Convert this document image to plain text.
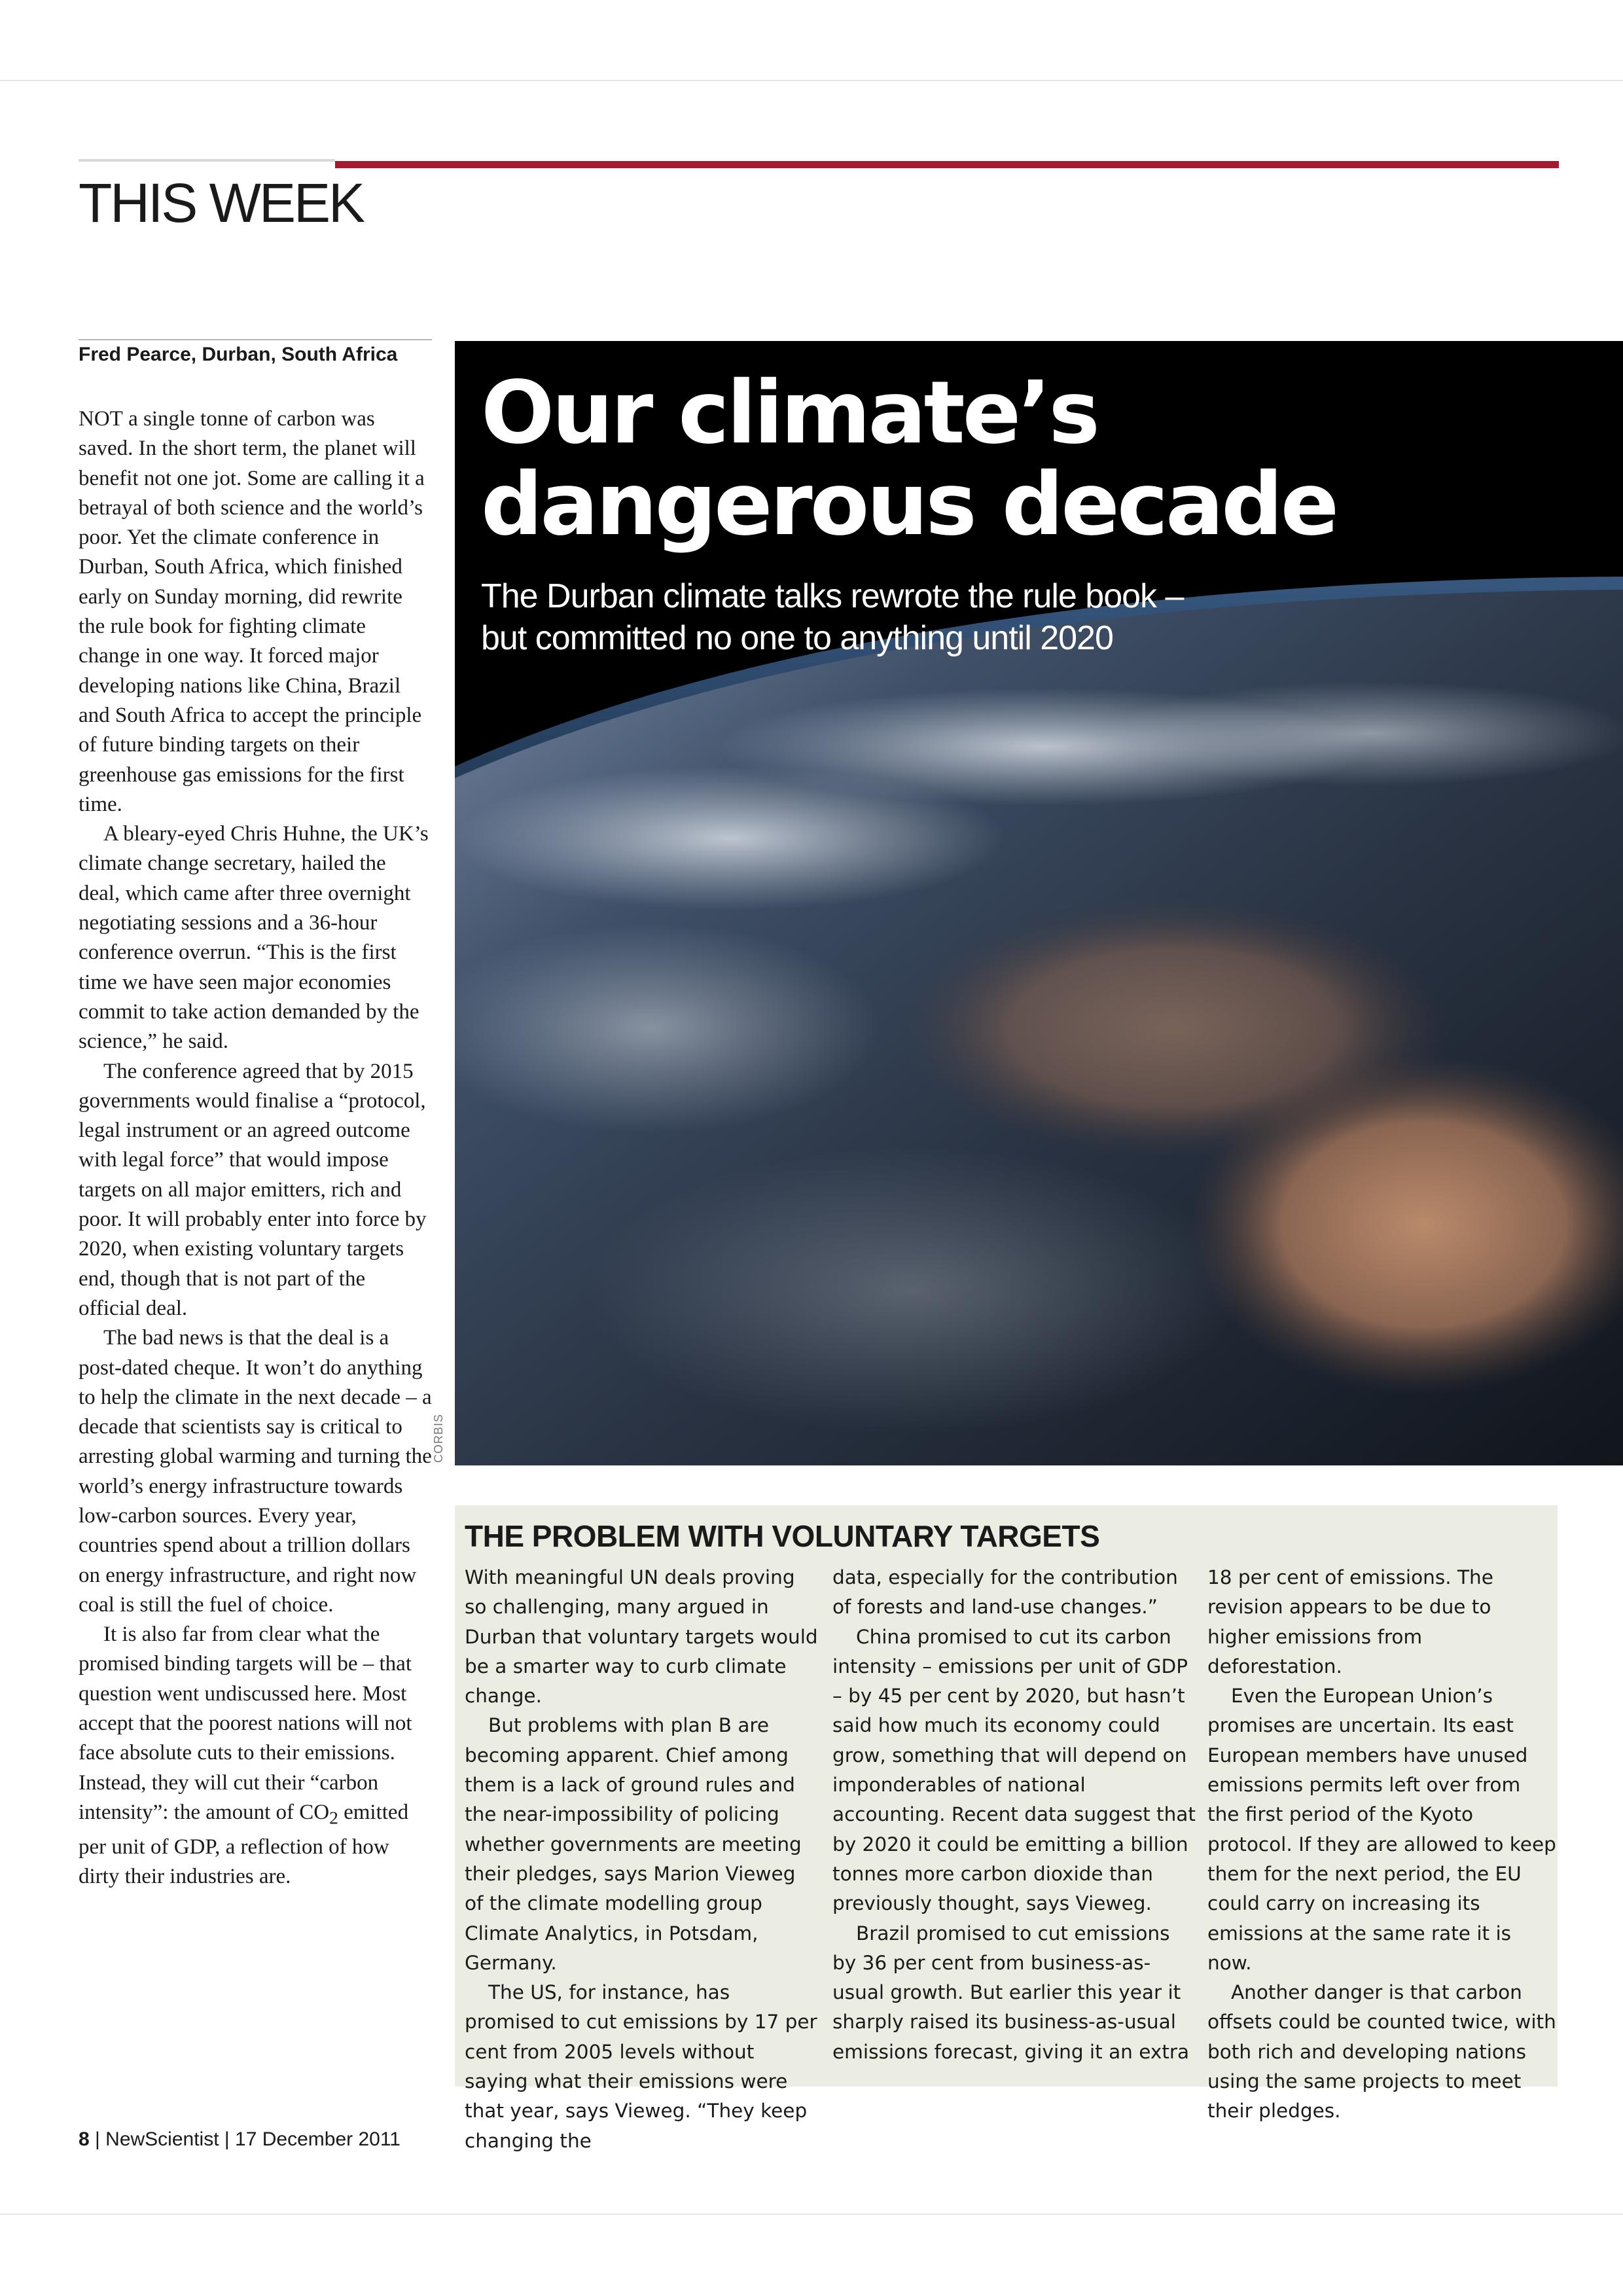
THIS WEEK
Fred Pearce, Durban, South Africa

NOT a single tonne of carbon was saved. In the short term, the planet will benefit not one jot. Some are calling it a betrayal of both science and the world’s poor. Yet the climate conference in Durban, South Africa, which finished early on Sunday morning, did rewrite the rule book for fighting climate change in one way. It forced major developing nations like China, Brazil and South Africa to accept the principle of future binding targets on their greenhouse gas emissions for the first time.

A bleary-eyed Chris Huhne, the UK’s climate change secretary, hailed the deal, which came after three overnight negotiating sessions and a 36-hour conference overrun. “This is the first time we have seen major economies commit to take action demanded by the science,” he said.

The conference agreed that by 2015 governments would finalise a “protocol, legal instrument or an agreed outcome with legal force” that would impose targets on all major emitters, rich and poor. It will probably enter into force by 2020, when existing voluntary targets end, though that is not part of the official deal.

The bad news is that the deal is a post-dated cheque. It won’t do anything to help the climate in the next decade – a decade that scientists say is critical to arresting global warming and turning the world’s energy infrastructure towards low-carbon sources. Every year, countries spend about a trillion dollars on energy infrastructure, and right now coal is still the fuel of choice.

It is also far from clear what the promised binding targets will be – that question went undiscussed here. Most accept that the poorest nations will not face absolute cuts to their emissions. Instead, they will cut their “carbon intensity”: the amount of $CO_2$ emitted per unit of GDP, a reflection of how dirty their industries are.

Our climate’s
dangerous decade
The Durban climate talks rewrote the rule book –
but committed no one to anything until 2020
CORBIS
THE PROBLEM WITH VOLUNTARY TARGETS

With meaningful UN deals proving so challenging, many argued in Durban that voluntary targets would be a smarter way to curb climate change.

But problems with plan B are becoming apparent. Chief among them is a lack of ground rules and the near-impossibility of policing whether governments are meeting their pledges, says Marion Vieweg of the climate modelling group Climate Analytics, in Potsdam, Germany.

The US, for instance, has promised to cut emissions by 17 per cent from 2005 levels without saying what their emissions were that year, says Vieweg. “They keep changing the

data, especially for the contribution of forests and land-use changes.”

China promised to cut its carbon intensity – emissions per unit of GDP – by 45 per cent by 2020, but hasn’t said how much its economy could grow, something that will depend on imponderables of national accounting. Recent data suggest that by 2020 it could be emitting a billion tonnes more carbon dioxide than previously thought, says Vieweg.

Brazil promised to cut emissions by 36 per cent from business-as-usual growth. But earlier this year it sharply raised its business-as-usual emissions forecast, giving it an extra

18 per cent of emissions. The revision appears to be due to higher emissions from deforestation.

Even the European Union’s promises are uncertain. Its east European members have unused emissions permits left over from the first period of the Kyoto protocol. If they are allowed to keep them for the next period, the EU could carry on increasing its emissions at the same rate it is now.

Another danger is that carbon offsets could be counted twice, with both rich and developing nations using the same projects to meet their pledges.

8 | NewScientist | 17 December 2011
